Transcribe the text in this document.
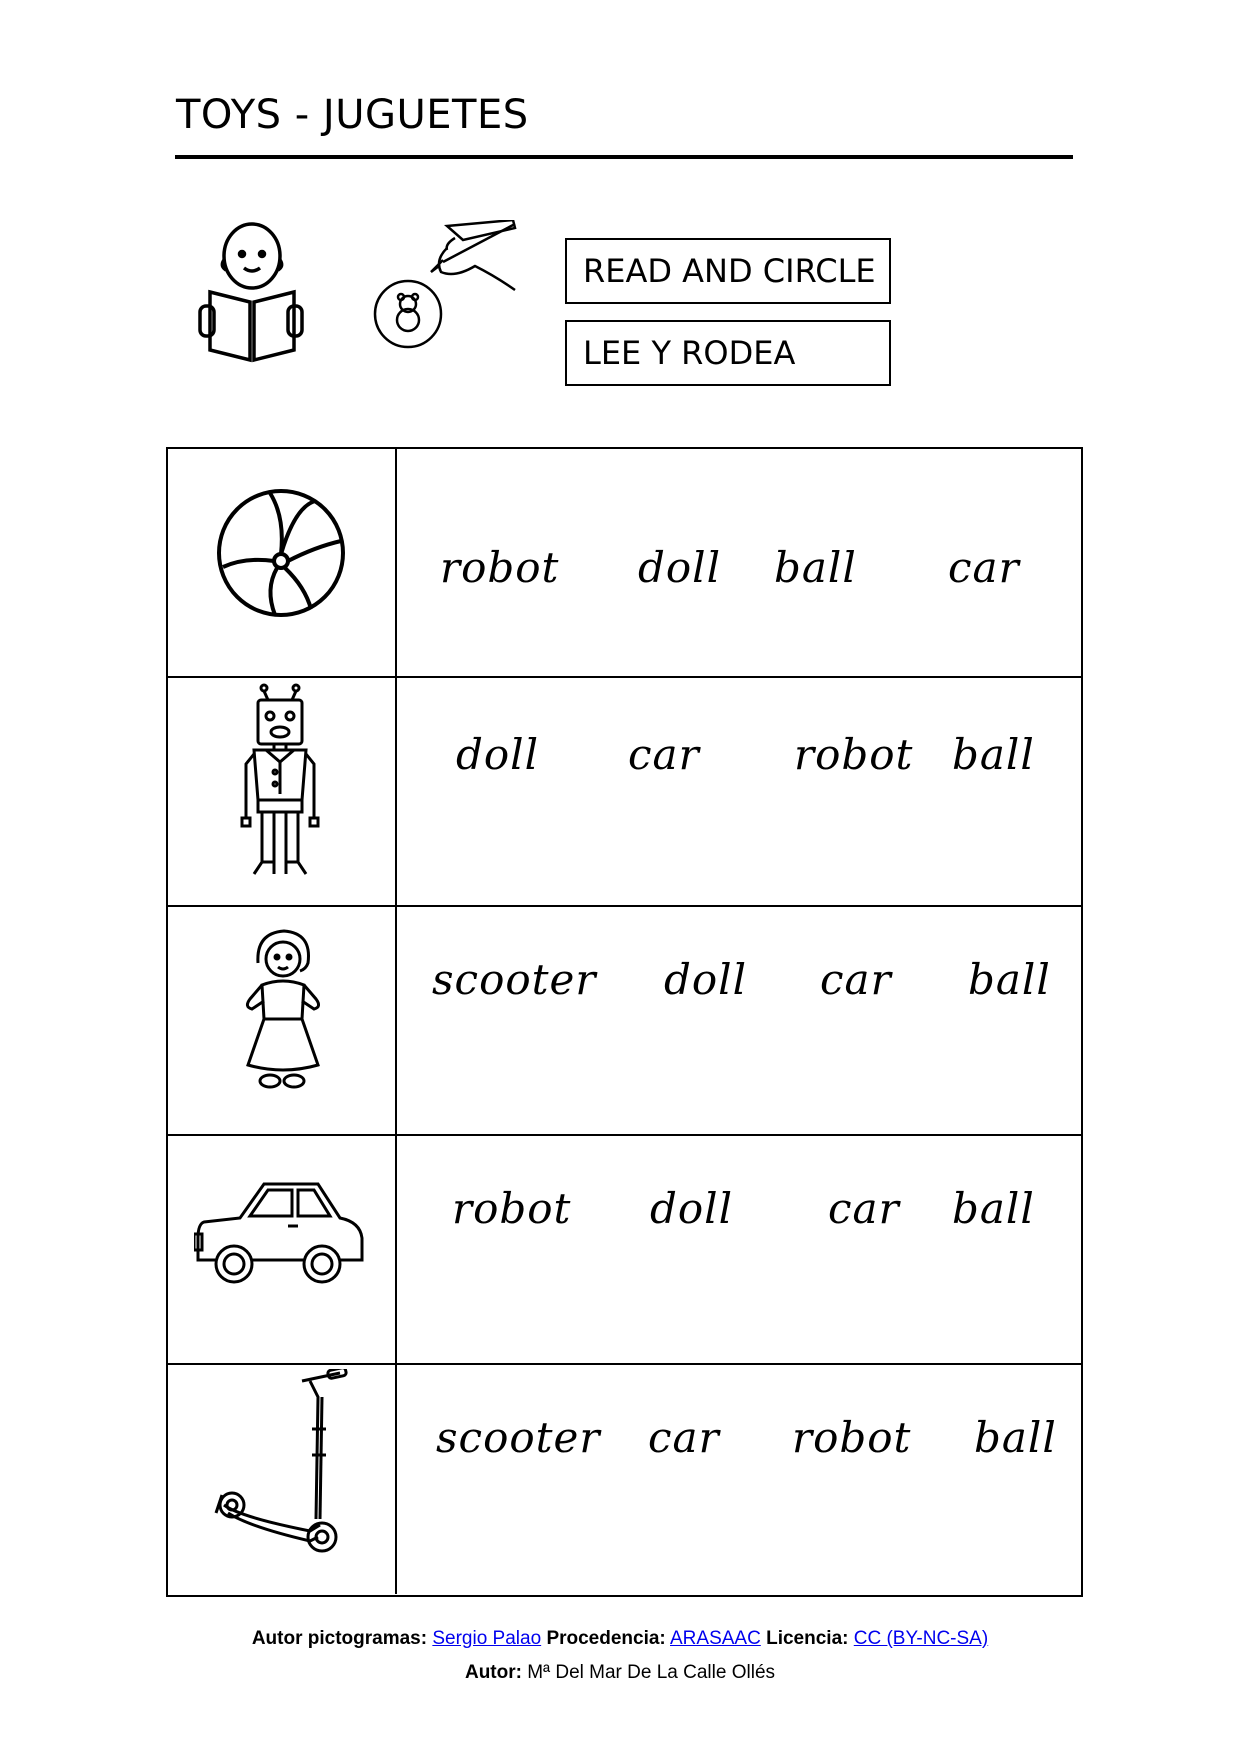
TOYS - JUGUETES
READ AND CIRCLE
LEE Y RODEA
robot doll ball car
doll car robot ball
scooter doll car ball
robot doll car ball
scooter car robot ball
Autor pictogramas: Sergio Palao Procedencia: ARASAAC Licencia: CC (BY-NC-SA)
Autor: Mª Del Mar De La Calle Ollés
